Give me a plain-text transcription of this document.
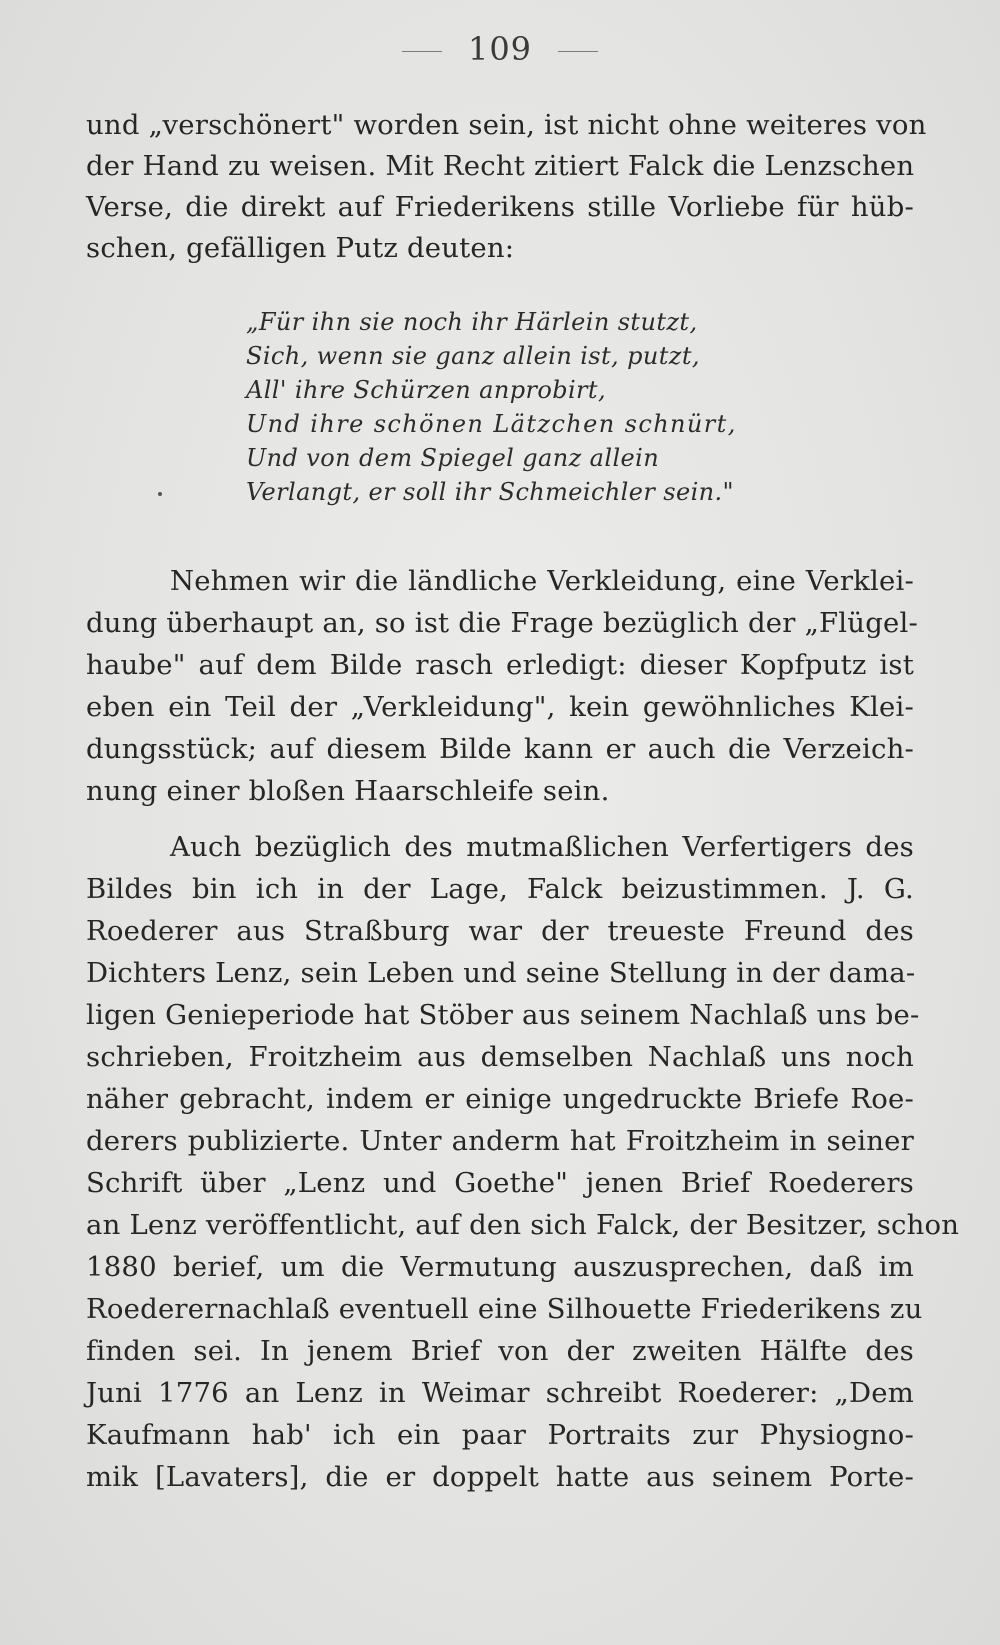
109
und „verschönert" worden sein, ist nicht ohne weiteres von
der Hand zu weisen. Mit Recht zitiert Falck die Lenzschen
Verse, die direkt auf Friederikens stille Vorliebe für hüb-
schen, gefälligen Putz deuten:
„Für ihn sie noch ihr Härlein stutzt,
Sich, wenn sie ganz allein ist, putzt,
All' ihre Schürzen anprobirt,
Und ihre schönen Lätzchen schnürt,
Und von dem Spiegel ganz allein
Verlangt, er soll ihr Schmeichler sein."
Nehmen wir die ländliche Verkleidung, eine Verklei-
dung überhaupt an, so ist die Frage bezüglich der „Flügel-
haube" auf dem Bilde rasch erledigt: dieser Kopfputz ist
eben ein Teil der „Verkleidung", kein gewöhnliches Klei-
dungsstück; auf diesem Bilde kann er auch die Verzeich-
nung einer bloßen Haarschleife sein.
Auch bezüglich des mutmaßlichen Verfertigers des
Bildes bin ich in der Lage, Falck beizustimmen. J. G.
Roederer aus Straßburg war der treueste Freund des
Dichters Lenz, sein Leben und seine Stellung in der dama-
ligen Genieperiode hat Stöber aus seinem Nachlaß uns be-
schrieben, Froitzheim aus demselben Nachlaß uns noch
näher gebracht, indem er einige ungedruckte Briefe Roe-
derers publizierte. Unter anderm hat Froitzheim in seiner
Schrift über „Lenz und Goethe" jenen Brief Roederers
an Lenz veröffentlicht, auf den sich Falck, der Besitzer, schon
1880 berief, um die Vermutung auszusprechen, daß im
Roederernachlaß eventuell eine Silhouette Friederikens zu
finden sei. In jenem Brief von der zweiten Hälfte des
Juni 1776 an Lenz in Weimar schreibt Roederer: „Dem
Kaufmann hab' ich ein paar Portraits zur Physiogno-
mik [Lavaters], die er doppelt hatte aus seinem Porte-
